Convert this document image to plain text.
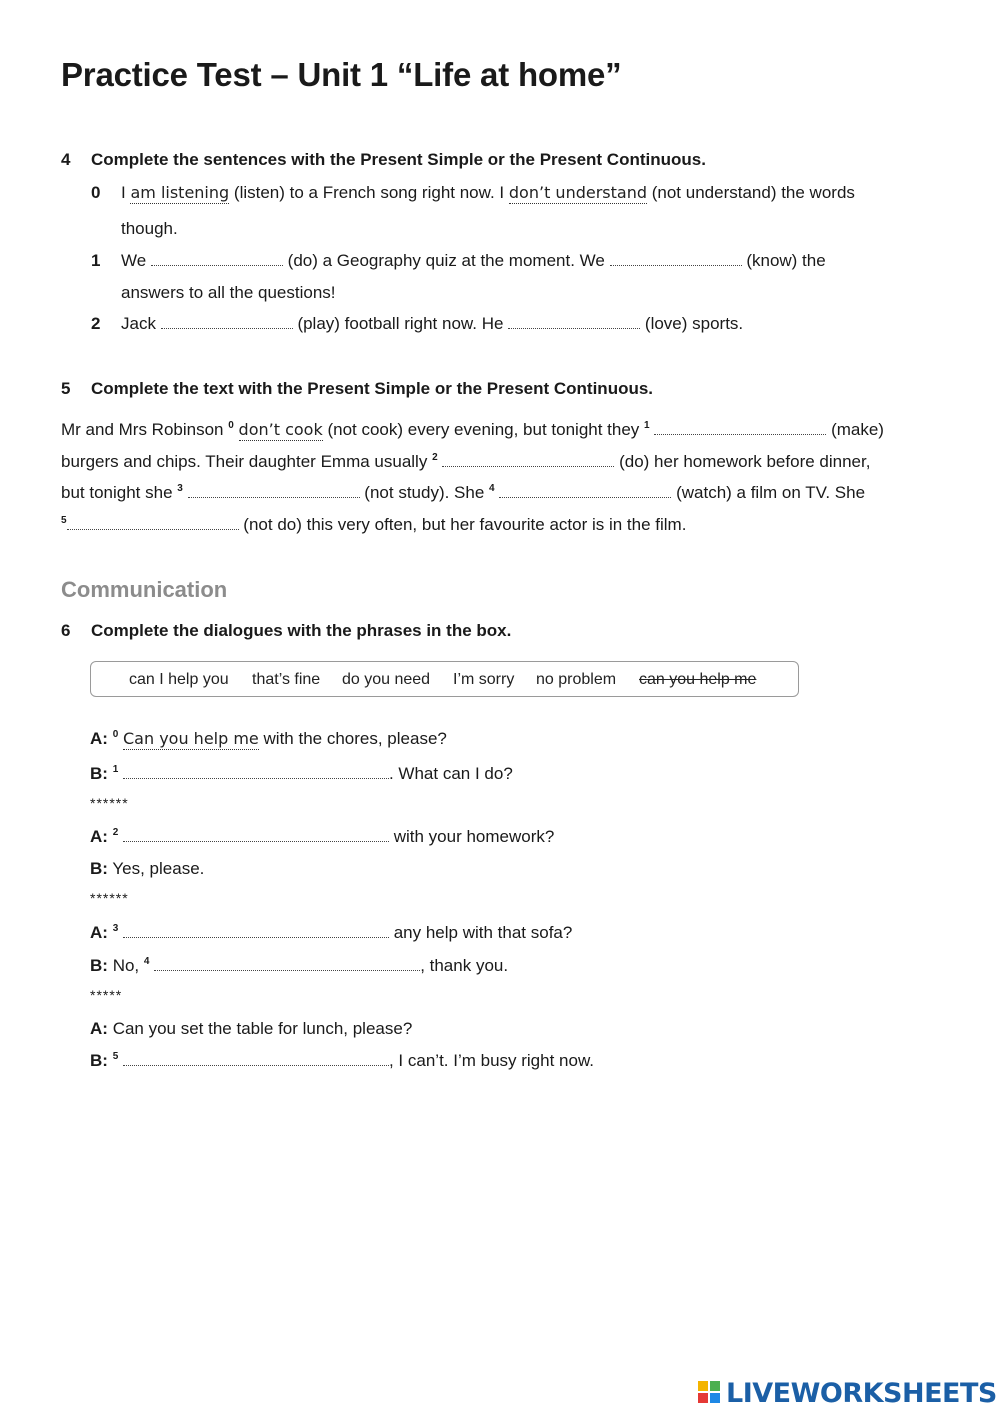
Practice Test – Unit 1 “Life at home”
4 Complete the sentences with the Present Simple or the Present Continuous.
0 I am listening (listen) to a French song right now. I don’t understand (not understand) the words
though.
1 We	(do) a Geography quiz at the moment. We	(know) the
answers to all the questions!
2 Jack	(play) football right now. He	(love) sports.
5 Complete the text with the Present Simple or the Present Continuous.
Mr and Mrs Robinson $^0$ don’t cook (not cook) every evening, but tonight they $^1$	(make)
burgers and chips. Their daughter Emma usually $^2$	(do) her homework before dinner,
but tonight she $^3$	(not study). She $^4$	(watch) a film on TV. She
$^5$	(not do) this very often, but her favourite actor is in the film.
Communication
6 Complete the dialogues with the phrases in the box.
can I help you that’s fine do you need I’m sorry no problem can you help me
A: $^0$ Can you help me with the chores, please?
B: $^1$	. What can I do?
******
A: $^2$	with your homework?
B: Yes, please.
******
A: $^3$	any help with that sofa?
B: No, $^4$	, thank you.
*****
A: Can you set the table for lunch, please?
B: $^5$	, I can’t. I’m busy right now.
LIVEWORKSHEETS
